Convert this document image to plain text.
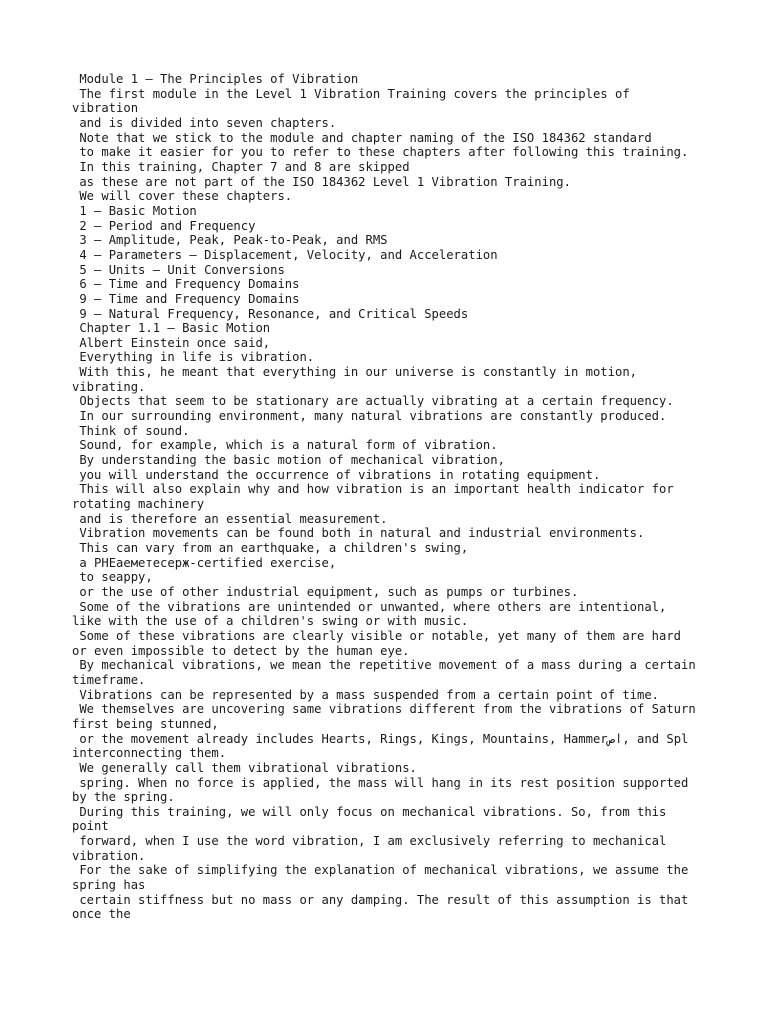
Module 1 – The Principles of Vibration
The first module in the Level 1 Vibration Training covers the principles of vibration
and is divided into seven chapters.
Note that we stick to the module and chapter naming of the ISO 184362 standard
to make it easier for you to refer to these chapters after following this training.
In this training, Chapter 7 and 8 are skipped
as these are not part of the ISO 184362 Level 1 Vibration Training.
We will cover these chapters.
1 – Basic Motion
2 – Period and Frequency
3 – Amplitude, Peak, Peak-to-Peak, and RMS
4 – Parameters – Displacement, Velocity, and Acceleration
5 – Units – Unit Conversions
6 – Time and Frequency Domains
9 – Time and Frequency Domains
9 – Natural Frequency, Resonance, and Critical Speeds
Chapter 1.1 – Basic Motion
Albert Einstein once said,
Everything in life is vibration.
With this, he meant that everything in our universe is constantly in motion, vibrating.
Objects that seem to be stationary are actually vibrating at a certain frequency.
In our surrounding environment, many natural vibrations are constantly produced.
Think of sound.
Sound, for example, which is a natural form of vibration.
By understanding the basic motion of mechanical vibration,
you will understand the occurrence of vibrations in rotating equipment.
This will also explain why and how vibration is an important health indicator for rotating machinery
and is therefore an essential measurement.
Vibration movements can be found both in natural and industrial environments.
This can vary from an earthquake, a children's swing,
a PHEаеметесерж-certified exercise,
to seappy,
or the use of other industrial equipment, such as pumps or turbines.
Some of the vibrations are unintended or unwanted, where others are intentional, like with the use of a children's swing or with music.
Some of these vibrations are clearly visible or notable, yet many of them are hard or even impossible to detect by the human eye.
By mechanical vibrations, we mean the repetitive movement of a mass during a certain timeframe.
Vibrations can be represented by a mass suspended from a certain point of time.
We themselves are uncovering same vibrations different from the vibrations of Saturn first being stunned,
or the movement already includes Hearts, Rings, Kings, Mountains, Hammerاص, and Spl interconnecting them.
We generally call them vibrational vibrations.
spring. When no force is applied, the mass will hang in its rest position supported by the spring.
During this training, we will only focus on mechanical vibrations. So, from this point
forward, when I use the word vibration, I am exclusively referring to mechanical vibration.
For the sake of simplifying the explanation of mechanical vibrations, we assume the spring has
certain stiffness but no mass or any damping. The result of this assumption is that once the
